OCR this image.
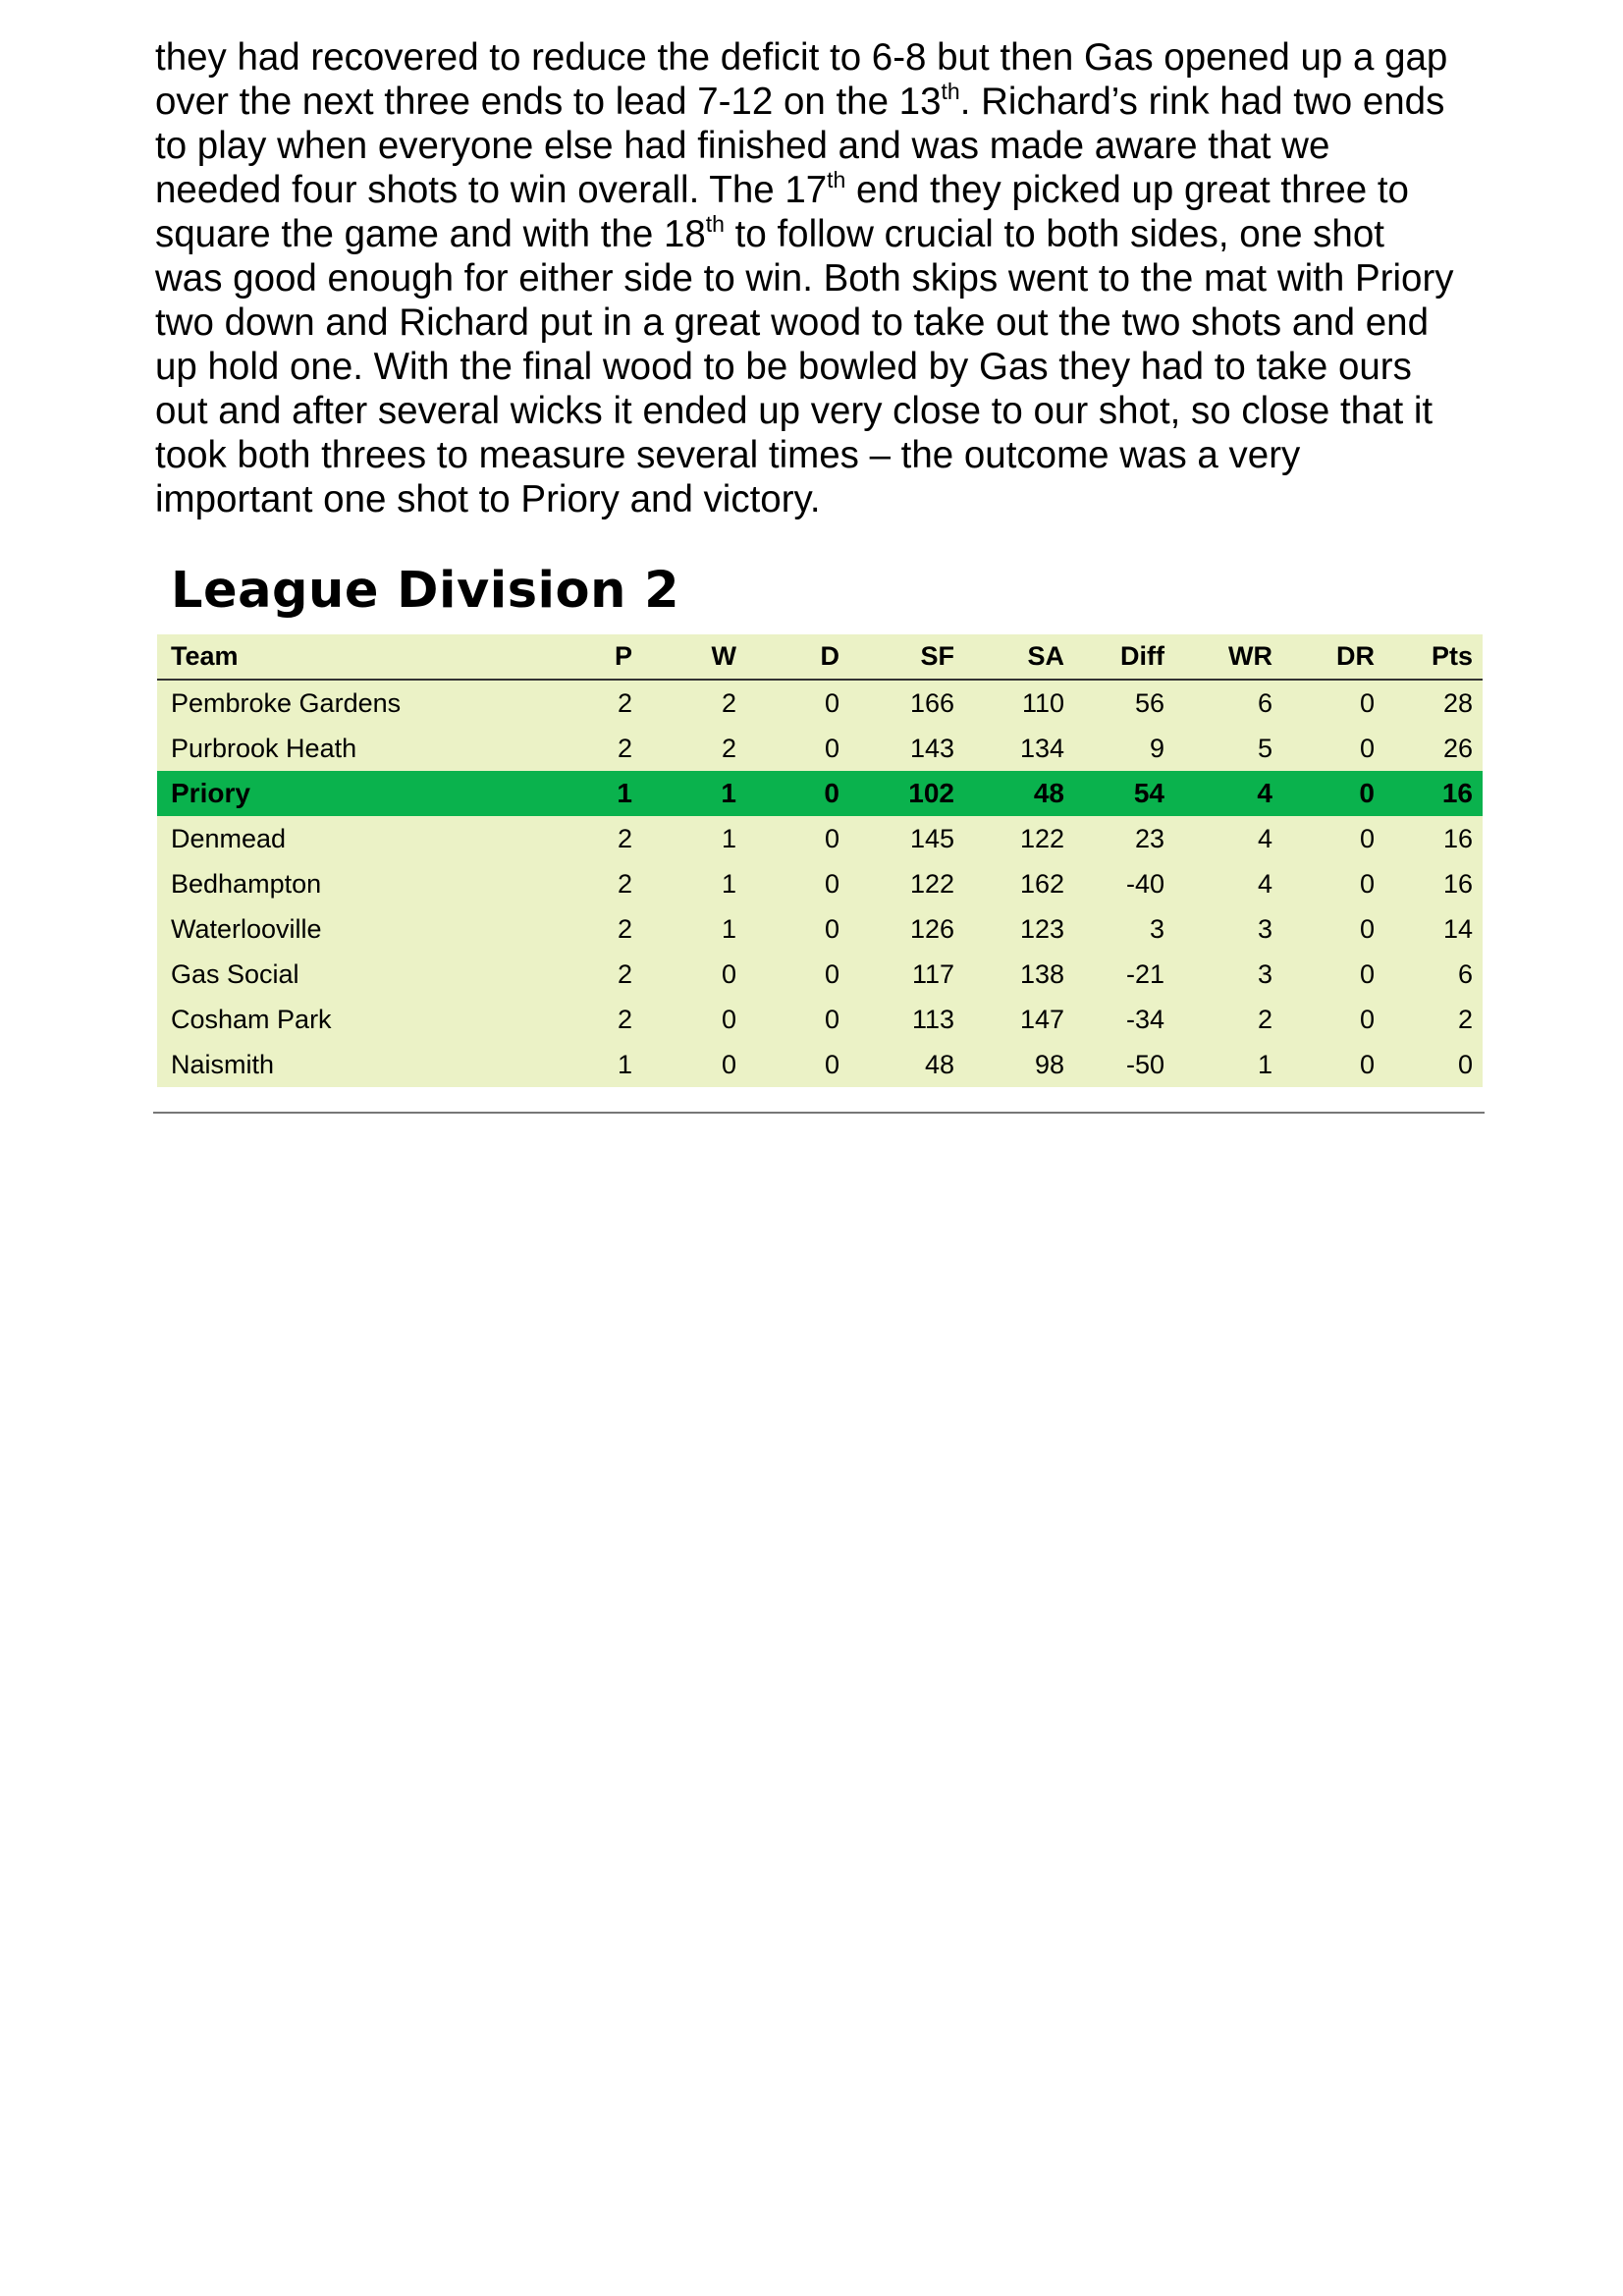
they had recovered to reduce the deficit to 6-8 but then Gas opened up a gap
over the next three ends to lead 7-12 on the 13th. Richard’s rink had two ends
to play when everyone else had finished and was made aware that we
needed four shots to win overall. The 17th end they picked up great three to
square the game and with the 18th to follow crucial to both sides, one shot
was good enough for either side to win. Both skips went to the mat with Priory
two down and Richard put in a great wood to take out the two shots and end
up hold one. With the final wood to be bowled by Gas they had to take ours
out and after several wicks it ended up very close to our shot, so close that it
took both threes to measure several times – the outcome was a very
important one shot to Priory and victory.
League Division 2
Team	P	W	D	SF	SA	Diff	WR	DR	Pts
Pembroke Gardens	2	2	0	166	110	56	6	0	28
Purbrook Heath	2	2	0	143	134	9	5	0	26
Priory	1	1	0	102	48	54	4	0	16
Denmead	2	1	0	145	122	23	4	0	16
Bedhampton	2	1	0	122	162	-40	4	0	16
Waterlooville	2	1	0	126	123	3	3	0	14
Gas Social	2	0	0	117	138	-21	3	0	6
Cosham Park	2	0	0	113	147	-34	2	0	2
Naismith	1	0	0	48	98	-50	1	0	0
